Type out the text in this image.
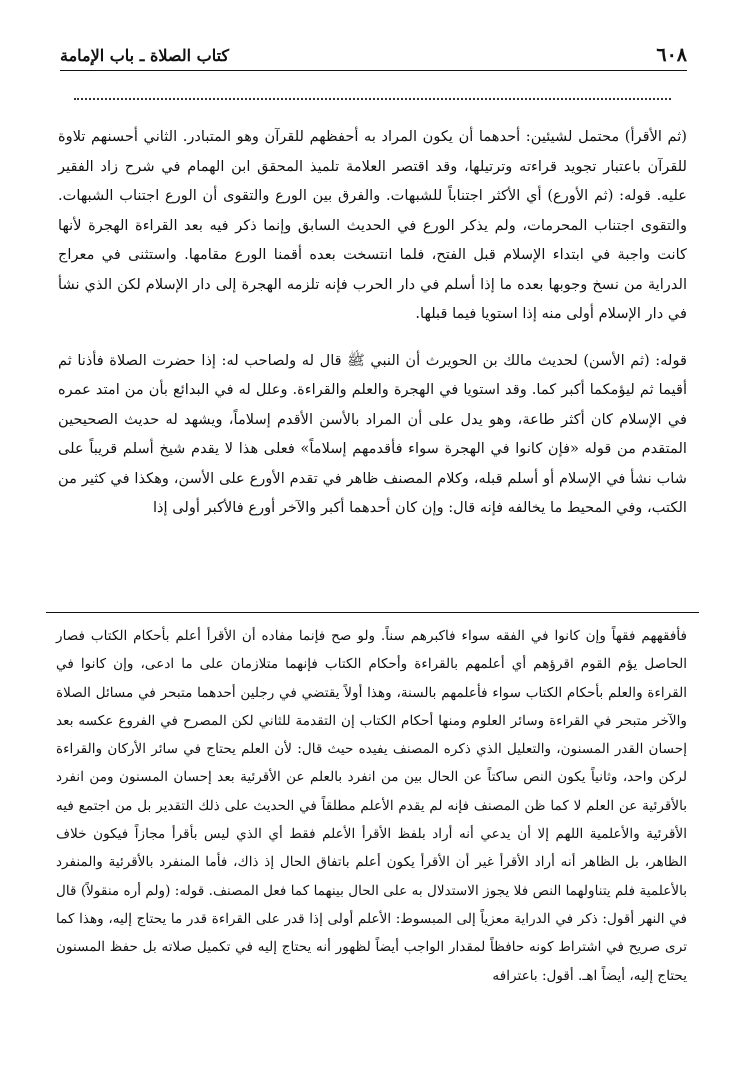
٦٠٨
كتاب الصلاة ـ باب الإمامة

(ثم الأقرأ) محتمل لشيئين: أحدهما أن يكون المراد به أحفظهم للقرآن وهو المتبادر. الثاني أحسنهم تلاوة للقرآن باعتبار تجويد قراءته وترتيلها، وقد اقتصر العلامة تلميذ المحقق ابن الهمام في شرح زاد الفقير عليه. قوله: (ثم الأورع) أي الأكثر اجتناباً للشبهات. والفرق بين الورع والتقوى أن الورع اجتناب الشبهات. والتقوى اجتناب المحرمات، ولم يذكر الورع في الحديث السابق وإنما ذكر فيه بعد القراءة الهجرة لأنها كانت واجبة في ابتداء الإسلام قبل الفتح، فلما انتسخت بعده أقمنا الورع مقامها. واستثنى في معراج الدراية من نسخ وجوبها بعده ما إذا أسلم في دار الحرب فإنه تلزمه الهجرة إلى دار الإسلام لكن الذي نشأ في دار الإسلام أولى منه إذا استويا فيما قبلها.

قوله: (ثم الأسن) لحديث مالك بن الحويرث أن النبي ﷺ قال له ولصاحب له: إذا حضرت الصلاة فأذنا ثم أقيما ثم ليؤمكما أكبر كما. وقد استويا في الهجرة والعلم والقراءة. وعلل له في البدائع بأن من امتد عمره في الإسلام كان أكثر طاعة، وهو يدل على أن المراد بالأسن الأقدم إسلاماً، ويشهد له حديث الصحيحين المتقدم من قوله «فإن كانوا في الهجرة سواء فأقدمهم إسلاماً» فعلى هذا لا يقدم شيخ أسلم قريباً على شاب نشأ في الإسلام أو أسلم قبله، وكلام المصنف ظاهر في تقدم الأورع على الأسن، وهكذا في كثير من الكتب، وفي المحيط ما يخالفه فإنه قال: وإن كان أحدهما أكبر والآخر أورع فالأكبر أولى إذا

فأفقههم فقهاً وإن كانوا في الفقه سواء فاكبرهم سناً. ولو صح فإنما مفاده أن الأقرأ أعلم بأحكام الكتاب فصار الحاصل يؤم القوم اقرؤهم أي أعلمهم بالقراءة وأحكام الكتاب فإنهما متلازمان على ما ادعى، وإن كانوا في القراءة والعلم بأحكام الكتاب سواء فأعلمهم بالسنة، وهذا أولاً يقتضي في رجلين أحدهما متبحر في مسائل الصلاة والآخر متبحر في القراءة وسائر العلوم ومنها أحكام الكتاب إن التقدمة للثاني لكن المصرح في الفروع عكسه بعد إحسان القدر المسنون، والتعليل الذي ذكره المصنف يفيده حيث قال: لأن العلم يحتاج في سائر الأركان والقراءة لركن واحد، وثانياً يكون النص ساكتاً عن الحال بين من انفرد بالعلم عن الأقرئية بعد إحسان المسنون ومن انفرد بالأقرئية عن العلم لا كما ظن المصنف فإنه لم يقدم الأعلم مطلقاً في الحديث على ذلك التقدير بل من اجتمع فيه الأقرئية والأعلمية اللهم إلا أن يدعي أنه أراد بلفظ الأقرأ الأعلم فقط أي الذي ليس بأقرأ مجازاً فيكون خلاف الظاهر، بل الظاهر أنه أراد الأقرأ غير أن الأقرأ يكون أعلم باتفاق الحال إذ ذاك، فأما المنفرد بالأقرئية والمنفرد بالأعلمية فلم يتناولهما النص فلا يجوز الاستدلال به على الحال بينهما كما فعل المصنف. قوله: (ولم أره منقولاً) قال في النهر أقول: ذكر في الدراية معزياً إلى المبسوط: الأعلم أولى إذا قدر على القراءة قدر ما يحتاج إليه، وهذا كما ترى صريح في اشتراط كونه حافظاً لمقدار الواجب أيضاً لظهور أنه يحتاج إليه في تكميل صلاته بل حفظ المسنون يحتاج إليه، أيضاً اهـ. أقول: باعترافه
